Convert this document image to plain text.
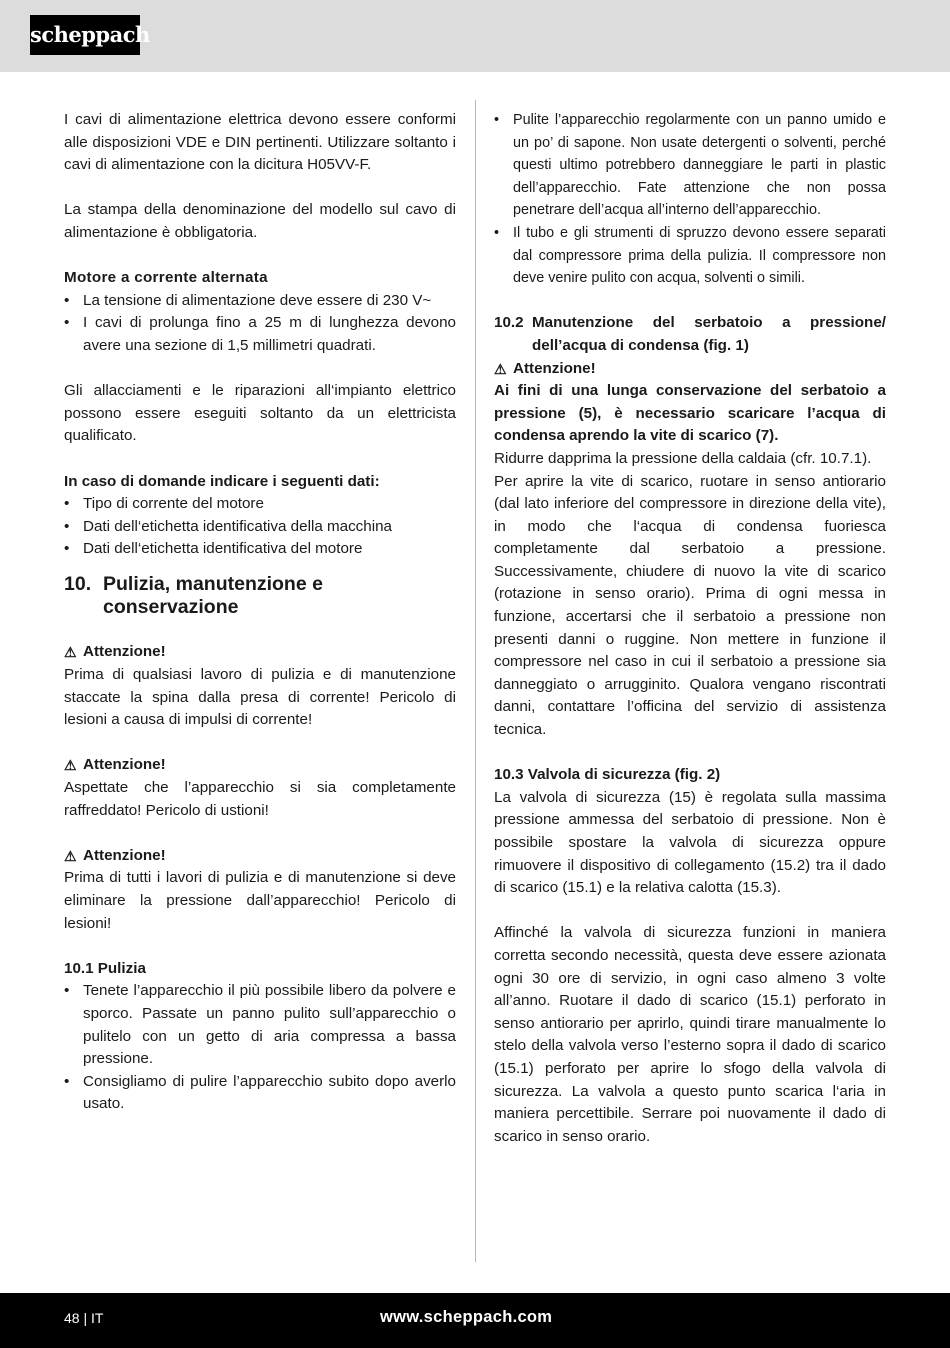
scheppach

I cavi di alimentazione elettrica devono essere conformi alle disposizioni VDE e DIN pertinenti. Utilizzare soltanto i cavi di alimentazione con la dicitura H05VV-F.

La stampa della denominazione del modello sul cavo di alimentazione è obbligatoria.

Motore a corrente alternata
• La tensione di alimentazione deve essere di 230 V~
• I cavi di prolunga fino a 25 m di lunghezza devono avere una sezione di 1,5 millimetri quadrati.

Gli allacciamenti e le riparazioni all‘impianto elettrico possono essere eseguiti soltanto da un elettricista qualificato.

In caso di domande indicare i seguenti dati:
• Tipo di corrente del motore
• Dati dell‘etichetta identificativa della macchina
• Dati dell‘etichetta identificativa del motore
10. Pulizia, manutenzione e conservazione
⚠ Attenzione!

Prima di qualsiasi lavoro di pulizia e di manutenzione staccate la spina dalla presa di corrente! Pericolo di lesioni a causa di impulsi di corrente!

⚠ Attenzione!

Aspettate che l’apparecchio si sia completamente raffreddato! Pericolo di ustioni!

⚠ Attenzione!

Prima di tutti i lavori di pulizia e di manutenzione si deve eliminare la pressione dall’apparecchio! Pericolo di lesioni!

10.1 Pulizia
• Tenete l’apparecchio il più possibile libero da polvere e sporco. Passate un panno pulito sull’apparecchio o pulitelo con un getto di aria compressa a bassa pressione.
• Consigliamo di pulire l’apparecchio subito dopo averlo usato.
• Pulite l’apparecchio regolarmente con un panno umido e un po’ di sapone. Non usate detergenti o solventi, perché questi ultimo potrebbero danneggiare le parti in plastic dell’apparecchio. Fate attenzione che non possa penetrare dell’acqua all’interno dell’apparecchio.
• Il tubo e gli strumenti di spruzzo devono essere separati dal compressore prima della pulizia. Il compressore non deve venire pulito con acqua, solventi o simili.
10.2 Manutenzione del serbatoio a pressione/ dell’acqua di condensa (fig. 1)
⚠ Attenzione!

Ai fini di una lunga conservazione del serbatoio a pressione (5), è necessario scaricare l’acqua di condensa aprendo la vite di scarico (7).

Ridurre dapprima la pressione della caldaia (cfr. 10.7.1).

Per aprire la vite di scarico, ruotare in senso antiorario (dal lato inferiore del compressore in direzione della vite), in modo che l‘acqua di condensa fuoriesca completamente dal serbatoio a pressione. Successivamente, chiudere di nuovo la vite di scarico (rotazione in senso orario). Prima di ogni messa in funzione, accertarsi che il serbatoio a pressione non presenti danni o ruggine. Non mettere in funzione il compressore nel caso in cui il serbatoio a pressione sia danneggiato o arrugginito. Qualora vengano riscontrati danni, contattare l’officina del servizio di assistenza tecnica.

10.3 Valvola di sicurezza (fig. 2)

La valvola di sicurezza (15) è regolata sulla massima pressione ammessa del serbatoio di pressione. Non è possibile spostare la valvola di sicurezza oppure rimuovere il dispositivo di collegamento (15.2) tra il dado di scarico (15.1) e la relativa calotta (15.3).

Affinché la valvola di sicurezza funzioni in maniera corretta secondo necessità, questa deve essere azionata ogni 30 ore di servizio, in ogni caso almeno 3 volte all’anno. Ruotare il dado di scarico (15.1) perforato in senso antiorario per aprirlo, quindi tirare manualmente lo stelo della valvola verso l’esterno sopra il dado di scarico (15.1) perforato per aprire lo sfogo della valvola di sicurezza. La valvola a questo punto scarica l‘aria in maniera percettibile. Serrare poi nuovamente il dado di scarico in senso orario.

48 | IT	www.scheppach.com
